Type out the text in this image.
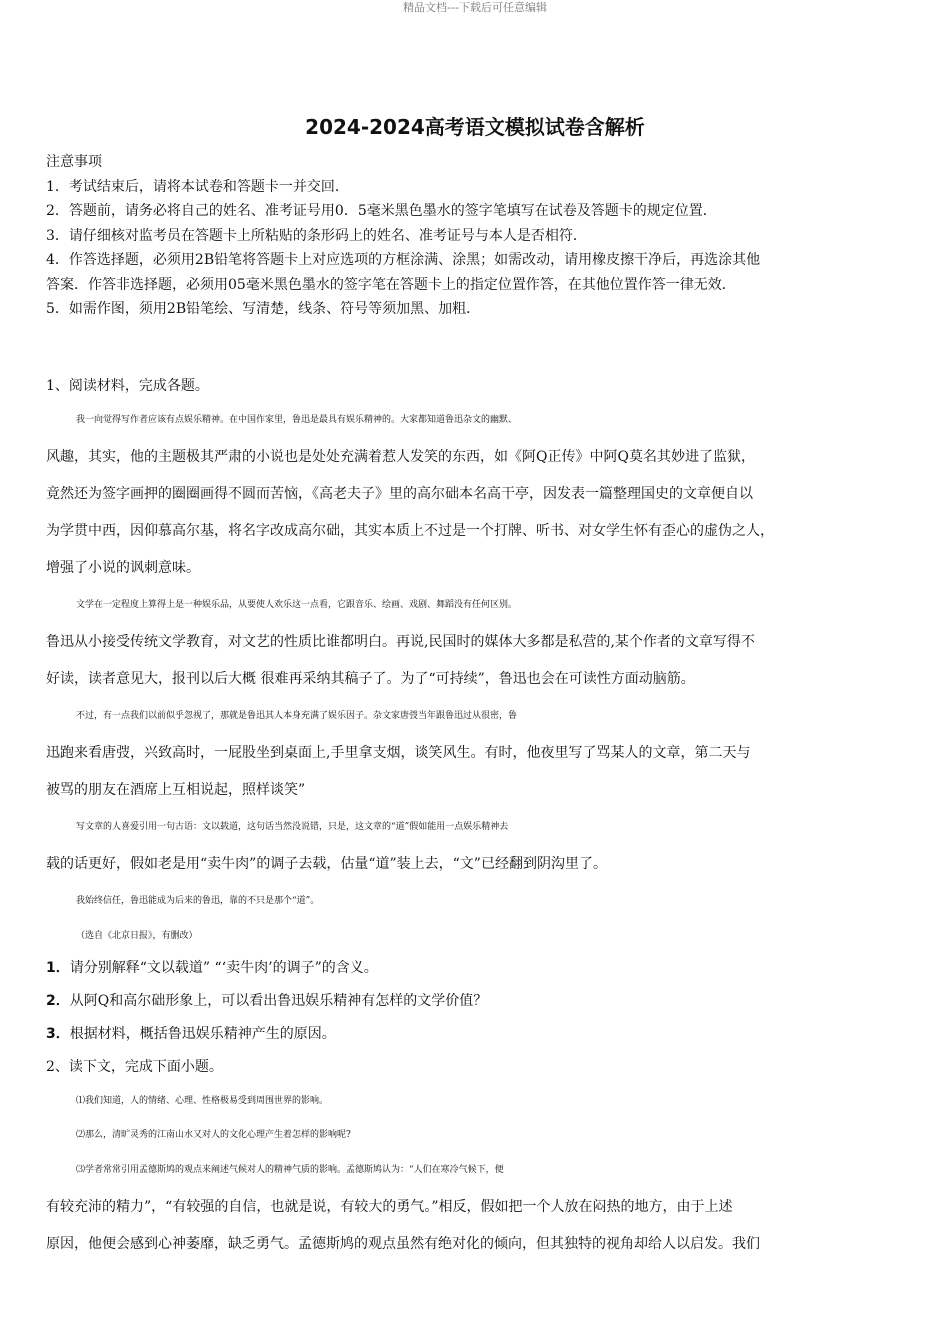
精品文档---下载后可任意编辑
2024-2024高考语文模拟试卷含解析
注意事项
1．考试结束后，请将本试卷和答题卡一并交回．
2．答题前，请务必将自己的姓名、准考证号用0．5毫米黑色墨水的签字笔填写在试卷及答题卡的规定位置．
3．请仔细核对监考员在答题卡上所粘贴的条形码上的姓名、准考证号与本人是否相符．
4．作答选择题，必须用2B铅笔将答题卡上对应选项的方框涂满、涂黑；如需改动，请用橡皮擦干净后，再选涂其他
答案．作答非选择题，必须用05毫米黑色墨水的签字笔在答题卡上的指定位置作答，在其他位置作答一律无效．
5．如需作图，须用2B铅笔绘、写清楚，线条、符号等须加黑、加粗．
1、阅读材料，完成各题。
我一向觉得写作者应该有点娱乐精神。在中国作家里，鲁迅是最具有娱乐精神的。大家都知道鲁迅杂文的幽默、
风趣，其实，他的主题极其严肃的小说也是处处充满着惹人发笑的东西，如《阿Q正传》中阿Q莫名其妙进了监狱，
竟然还为签字画押的圈圈画得不圆而苦恼，《高老夫子》里的高尔础本名高干亭，因发表一篇整理国史的文章便自以
为学贯中西，因仰慕高尔基，将名字改成高尔础，其实本质上不过是一个打牌、听书、对女学生怀有歪心的虚伪之人，
增强了小说的讽刺意味。
文学在一定程度上算得上是一种娱乐品，从要使人欢乐这一点看，它跟音乐、绘画、戏剧、舞蹈没有任何区别。
鲁迅从小接受传统文学教育，对文艺的性质比谁都明白。再说,民国时的媒体大多都是私营的,某个作者的文章写得不
好读，读者意见大，报刊以后大概 很难再采纳其稿子了。为了“可持续”，鲁迅也会在可读性方面动脑筋。
不过，有一点我们以前似乎忽视了，那就是鲁迅其人本身充满了娱乐因子。杂文家唐弢当年跟鲁迅过从很密，鲁
迅跑来看唐弢，兴致高时，一屁股坐到桌面上,手里拿支烟，谈笑风生。有时，他夜里写了骂某人的文章，第二天与
被骂的朋友在酒席上互相说起，照样谈笑”
写文章的人喜爱引用一句古语：文以载道，这句话当然没说错，只是，这文章的“道”假如能用一点娱乐精神去
载的话更好，假如老是用“卖牛肉”的调子去载，估量“道”装上去，“文”已经翻到阴沟里了。
我始终信任，鲁迅能成为后来的鲁迅，靠的不只是那个“道”。
（选自《北京日报》，有删改）
1．请分别解释“文以载道” “‘卖牛肉’的调子”的含义。
2．从阿Q和高尔础形象上，可以看出鲁迅娱乐精神有怎样的文学价值？
3．根据材料，概括鲁迅娱乐精神产生的原因。
2、读下文，完成下面小题。
⑴我们知道，人的情绪、心理、性格极易受到周围世界的影响。
⑵那么，清旷灵秀的江南山水又对人的文化心理产生着怎样的影响呢?
⑶学者常常引用孟德斯鸠的观点来阐述气候对人的精神气质的影响。孟德斯鸠认为：“人们在寒冷气候下，便
有较充沛的精力”，“有较强的自信，也就是说，有较大的勇气。”相反，假如把一个人放在闷热的地方，由于上述
原因，他便会感到心神萎靡，缺乏勇气。孟德斯鸠的观点虽然有绝对化的倾向，但其独特的视角却给人以启发。我们
